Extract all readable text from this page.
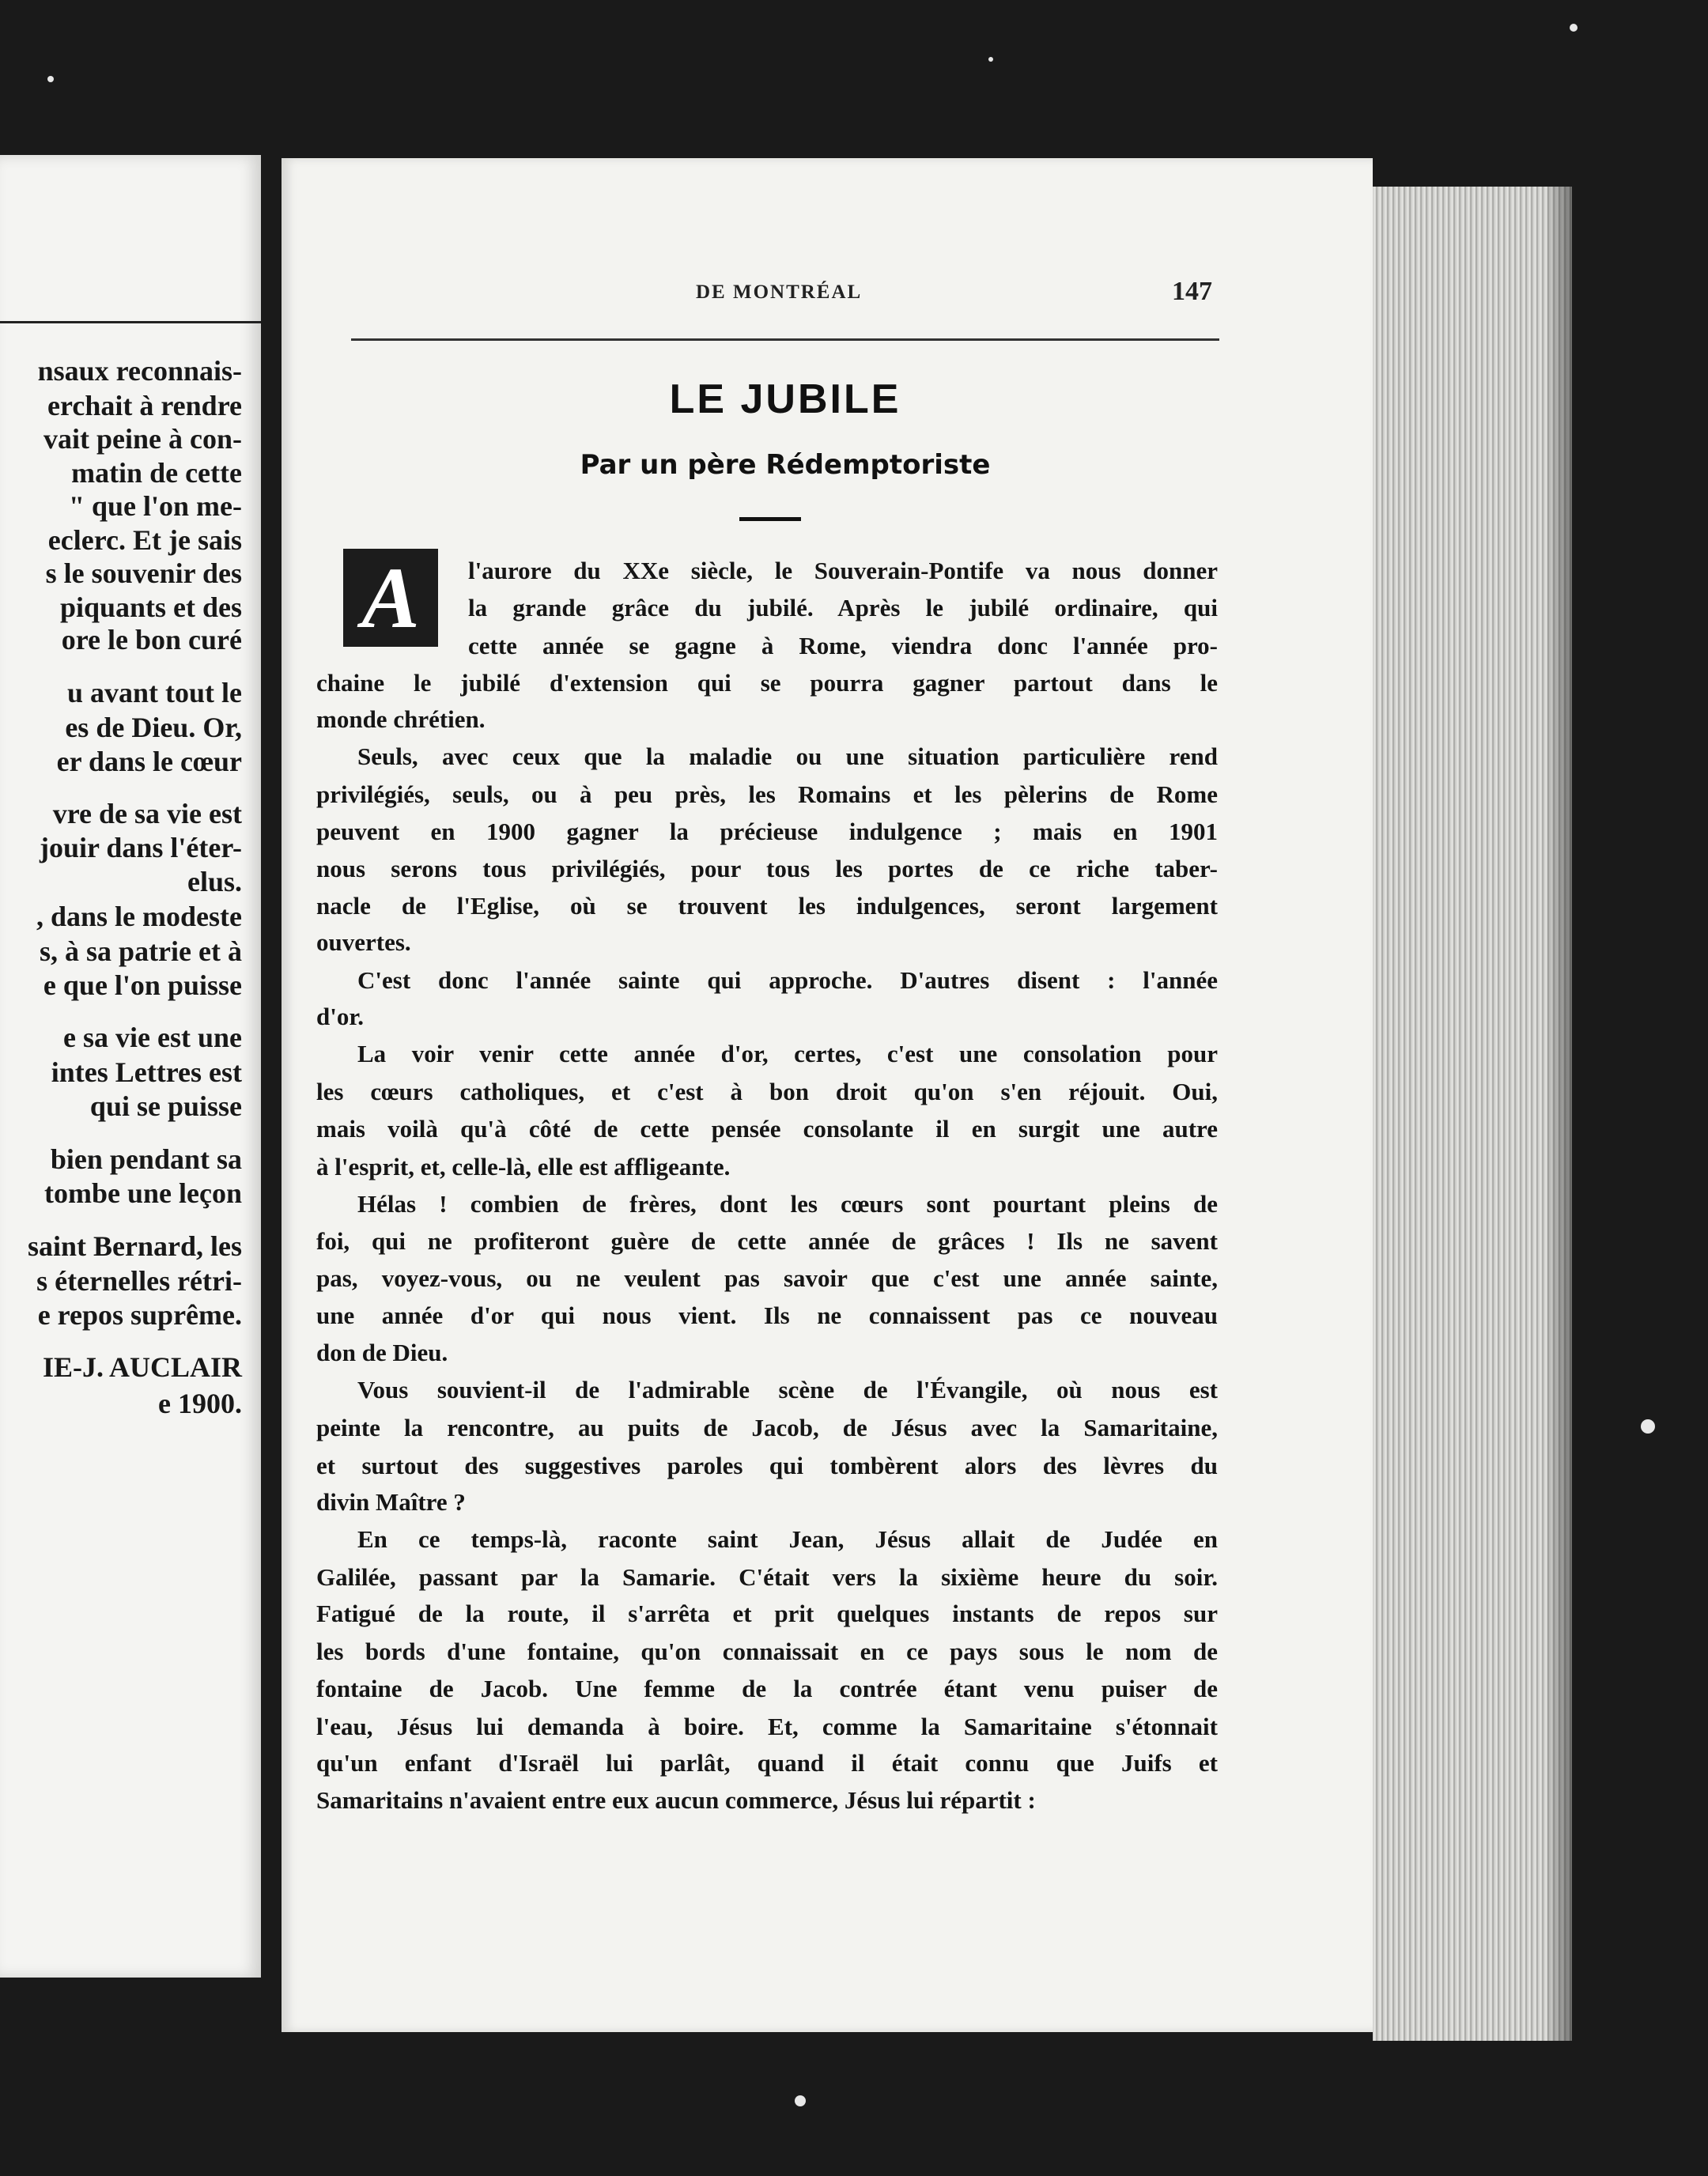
nsaux reconnais-
erchait à rendre
vait peine à con-
matin de cette
" que l'on me-
eclerc. Et je sais
s le souvenir des
piquants et des
ore le bon curé
u avant tout le
es de Dieu. Or,
er dans le cœur
vre de sa vie est
jouir dans l'éter-
elus.
, dans le modeste
s, à sa patrie et à
e que l'on puisse
e sa vie est une
intes Lettres est
qui se puisse
bien pendant sa
tombe une leçon
saint Bernard, les
s éternelles rétri-
e repos suprême.
IE-J. AUCLAIR
e 1900.
DE MONTRÉAL	147
LE JUBILE
Par un père Rédemptoriste
A	l'aurore du XXe siècle, le Souverain-Pontife va nous donner
la grande grâce du jubilé. Après le jubilé ordinaire, qui
cette année se gagne à Rome, viendra donc l'année pro-
chaine le jubilé d'extension qui se pourra gagner partout dans le
monde chrétien.
Seuls, avec ceux que la maladie ou une situation particulière rend
privilégiés, seuls, ou à peu près, les Romains et les pèlerins de Rome
peuvent en 1900 gagner la précieuse indulgence ; mais en 1901
nous serons tous privilégiés, pour tous les portes de ce riche taber-
nacle de l'Eglise, où se trouvent les indulgences, seront largement
ouvertes.
C'est donc l'année sainte qui approche. D'autres disent : l'année
d'or.
La voir venir cette année d'or, certes, c'est une consolation pour
les cœurs catholiques, et c'est à bon droit qu'on s'en réjouit. Oui,
mais voilà qu'à côté de cette pensée consolante il en surgit une autre
à l'esprit, et, celle-là, elle est affligeante.
Hélas ! combien de frères, dont les cœurs sont pourtant pleins de
foi, qui ne profiteront guère de cette année de grâces ! Ils ne savent
pas, voyez-vous, ou ne veulent pas savoir que c'est une année sainte,
une année d'or qui nous vient. Ils ne connaissent pas ce nouveau
don de Dieu.
Vous souvient-il de l'admirable scène de l'Évangile, où nous est
peinte la rencontre, au puits de Jacob, de Jésus avec la Samaritaine,
et surtout des suggestives paroles qui tombèrent alors des lèvres du
divin Maître ?
En ce temps-là, raconte saint Jean, Jésus allait de Judée en
Galilée, passant par la Samarie. C'était vers la sixième heure du soir.
Fatigué de la route, il s'arrêta et prit quelques instants de repos sur
les bords d'une fontaine, qu'on connaissait en ce pays sous le nom de
fontaine de Jacob. Une femme de la contrée étant venu puiser de
l'eau, Jésus lui demanda à boire. Et, comme la Samaritaine s'étonnait
qu'un enfant d'Israël lui parlât, quand il était connu que Juifs et
Samaritains n'avaient entre eux aucun commerce, Jésus lui répartit :
